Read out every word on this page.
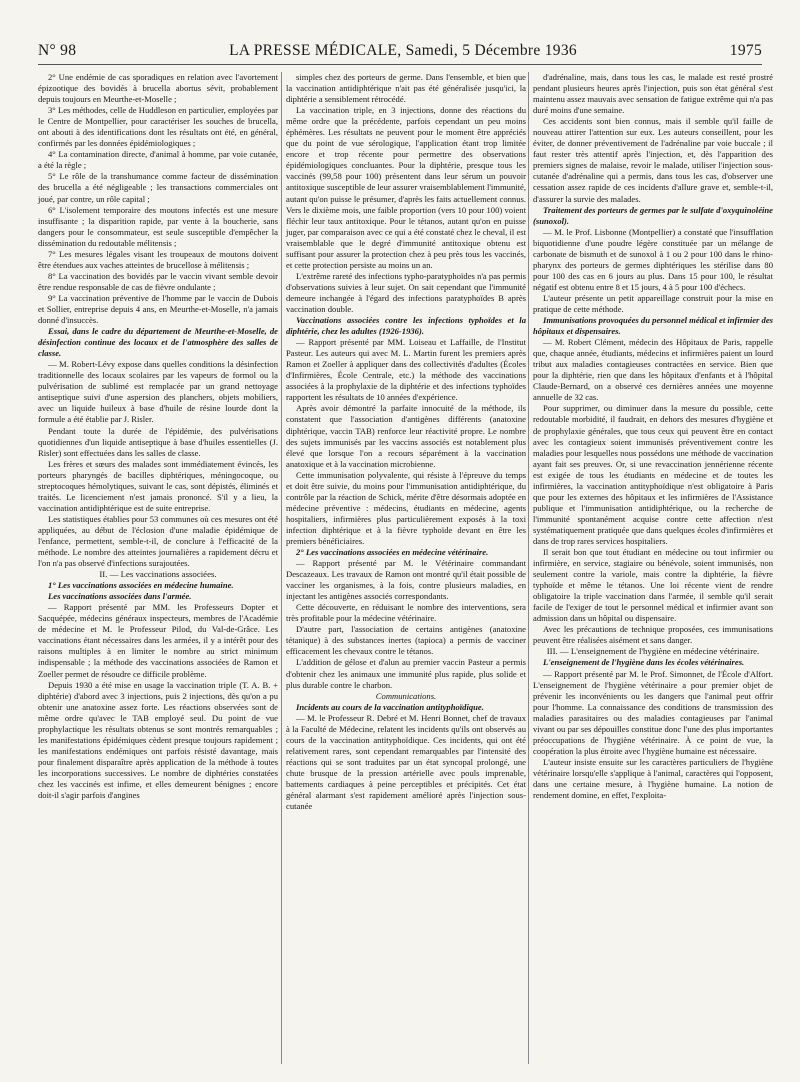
N° 98	LA PRESSE MÉDICALE, Samedi, 5 Décembre 1936	1975

2° Une endémie de cas sporadiques en relation avec l'avortement épizootique des bovidés à brucella abortus sévit, probablement depuis toujours en Meurthe-et-Moselle ;

3° Les méthodes, celle de Huddleson en particulier, employées par le Centre de Montpellier, pour caractériser les souches de brucella, ont abouti à des identifications dont les résultats ont été, en général, confirmés par les données épidémiologiques ;

4° La contamination directe, d'animal à homme, par voie cutanée, a été la règle ;

5° Le rôle de la transhumance comme facteur de dissémination des brucella a été négligeable ; les transactions commerciales ont joué, par contre, un rôle capital ;

6° L'isolement temporaire des moutons infectés est une mesure insuffisante ; la disparition rapide, par vente à la boucherie, sans dangers pour le consommateur, est seule susceptible d'empêcher la dissémination du redoutable mélitensis ;

7° Les mesures légales visant les troupeaux de moutons doivent être étendues aux vaches atteintes de brucellose à mélitensis ;

8° La vaccination des bovidés par le vaccin vivant semble devoir être rendue responsable de cas de fièvre ondulante ;

9° La vaccination préventive de l'homme par le vaccin de Dubois et Sollier, entreprise depuis 4 ans, en Meurthe-et-Moselle, n'a jamais donné d'insuccès.

Essai, dans le cadre du département de Meurthe-et-Moselle, de désinfection continue des locaux et de l'atmosphère des salles de classe.

— M. Robert-Lévy expose dans quelles conditions la désinfection traditionnelle des locaux scolaires par les vapeurs de formol ou la pulvérisation de sublimé est remplacée par un grand nettoyage antiseptique suivi d'une aspersion des planchers, objets mobiliers, avec un liquide huileux à base d'huile de résine lourde dont la formule a été établie par J. Risler.

Pendant toute la durée de l'épidémie, des pulvérisations quotidiennes d'un liquide antiseptique à base d'huiles essentielles (J. Risler) sont effectuées dans les salles de classe.

Les frères et sœurs des malades sont immédiatement évincés, les porteurs pharyngés de bacilles diphtériques, méningocoque, ou streptocoques hémolytiques, suivant le cas, sont dépistés, éliminés et traités. Le licenciement n'est jamais prononcé. S'il y a lieu, la vaccination antidiphtérique est de suite entreprise.

Les statistiques établies pour 53 communes où ces mesures ont été appliquées, au début de l'éclosion d'une maladie épidémique de l'enfance, permettent, semble-t-il, de conclure à l'efficacité de la méthode. Le nombre des atteintes journalières a rapidement décru et l'on n'a pas observé d'infections surajoutées.

II. — Les vaccinations associées.

1° Les vaccinations associées en médecine humaine.

Les vaccinations associées dans l'armée.

— Rapport présenté par MM. les Professeurs Dopter et Sacquépée, médecins généraux inspecteurs, membres de l'Académie de médecine et M. le Professeur Pilod, du Val-de-Grâce. Les vaccinations étant nécessaires dans les armées, il y a intérêt pour des raisons multiples à en limiter le nombre au strict minimum indispensable ; la méthode des vaccinations associées de Ramon et Zoeller permet de résoudre ce difficile problème.

Depuis 1930 a été mise en usage la vaccination triple (T. A. B. + diphtérie) d'abord avec 3 injections, puis 2 injections, dès qu'on a pu obtenir une anatoxine assez forte. Les réactions observées sont de même ordre qu'avec le TAB employé seul. Du point de vue prophylactique les résultats obtenus se sont montrés remarquables ; les manifestations épidémiques cèdent presque toujours rapidement ; les manifestations endémiques ont parfois résisté davantage, mais pour finalement disparaître après application de la méthode à toutes les incorporations successives. Le nombre de diphtéries constatées chez les vaccinés est infime, et elles demeurent bénignes ; encore doit-il s'agir parfois d'angines

simples chez des porteurs de germe. Dans l'ensemble, et bien que la vaccination antidiphtérique n'ait pas été généralisée jusqu'ici, la diphtérie a sensiblement rétrocédé.

La vaccination triple, en 3 injections, donne des réactions du même ordre que la précédente, parfois cependant un peu moins éphémères. Les résultats ne peuvent pour le moment être appréciés que du point de vue sérologique, l'application étant trop limitée encore et trop récente pour permettre des observations épidémiologiques concluantes. Pour la diphtérie, presque tous les vaccinés (99,58 pour 100) présentent dans leur sérum un pouvoir antitoxique susceptible de leur assurer vraisemblablement l'immunité, autant qu'on puisse le présumer, d'après les faits actuellement connus. Vers le dixième mois, une faible proportion (vers 10 pour 100) voient fléchir leur taux antitoxique. Pour le tétanos, autant qu'on en puisse juger, par comparaison avec ce qui a été constaté chez le cheval, il est vraisemblable que le degré d'immunité antitoxique obtenu est suffisant pour assurer la protection chez à peu près tous les vaccinés, et cette protection persiste au moins un an.

L'extrême rareté des infections typho-paratyphoïdes n'a pas permis d'observations suivies à leur sujet. On sait cependant que l'immunité demeure inchangée à l'égard des infections paratyphoïdes B après vaccination double.

Vaccinations associées contre les infections typhoïdes et la diphtérie, chez les adultes (1926-1936).

— Rapport présenté par MM. Loiseau et Laffaille, de l'Institut Pasteur. Les auteurs qui avec M. L. Martin furent les premiers après Ramon et Zoeller à appliquer dans des collectivités d'adultes (Écoles d'Infirmières, École Centrale, etc.) la méthode des vaccinations associées à la prophylaxie de la diphtérie et des infections typhoïdes rapportent les résultats de 10 années d'expérience.

Après avoir démontré la parfaite innocuité de la méthode, ils constatent que l'association d'antigènes différents (anatoxine diphtérique, vaccin TAB) renforce leur réactivité propre. Le nombre des sujets immunisés par les vaccins associés est notablement plus élevé que lorsque l'on a recours séparément à la vaccination anatoxique et à la vaccination microbienne.

Cette immunisation polyvalente, qui résiste à l'épreuve du temps et doit être suivie, du moins pour l'immunisation antidiphtérique, du contrôle par la réaction de Schick, mérite d'être désormais adoptée en médecine préventive : médecins, étudiants en médecine, agents hospitaliers, infirmières plus particulièrement exposés à la toxi infection diphtérique et à la fièvre typhoïde devant en être les premiers bénéficiaires.

2° Les vaccinations associées en médecine vétérinaire.

— Rapport présenté par M. le Vétérinaire commandant Descazeaux. Les travaux de Ramon ont montré qu'il était possible de vacciner les organismes, à la fois, contre plusieurs maladies, en injectant les antigènes associés correspondants.

Cette découverte, en réduisant le nombre des interventions, sera très profitable pour la médecine vétérinaire.

D'autre part, l'association de certains antigènes (anatoxine tétanique) à des substances inertes (tapioca) a permis de vacciner efficacement les chevaux contre le tétanos.

L'addition de gélose et d'alun au premier vaccin Pasteur a permis d'obtenir chez les animaux une immunité plus rapide, plus solide et plus durable contre le charbon.

Communications.

Incidents au cours de la vaccination antityphoïdique.

— M. le Professeur R. Debré et M. Henri Bonnet, chef de travaux à la Faculté de Médecine, relatent les incidents qu'ils ont observés au cours de la vaccination antityphoïdique. Ces incidents, qui ont été relativement rares, sont cependant remarquables par l'intensité des réactions qui se sont traduites par un état syncopal prolongé, une chute brusque de la pression artérielle avec pouls imprenable, battements cardiaques à peine perceptibles et précipités. Cet état général alarmant s'est rapidement amélioré après l'injection sous-cutanée

d'adrénaline, mais, dans tous les cas, le malade est resté prostré pendant plusieurs heures après l'injection, puis son état général s'est maintenu assez mauvais avec sensation de fatigue extrême qui n'a pas duré moins d'une semaine.

Ces accidents sont bien connus, mais il semble qu'il faille de nouveau attirer l'attention sur eux. Les auteurs conseillent, pour les éviter, de donner préventivement de l'adrénaline par voie buccale ; il faut rester très attentif après l'injection, et, dès l'apparition des premiers signes de malaise, revoir le malade, utiliser l'injection sous-cutanée d'adrénaline qui a permis, dans tous les cas, d'observer une cessation assez rapide de ces incidents d'allure grave et, semble-t-il, d'assurer la survie des malades.

Traitement des porteurs de germes par le sulfate d'oxyquinoléine (sunoxol).

— M. le Prof. Lisbonne (Montpellier) a constaté que l'insufflation biquotidienne d'une poudre légère constituée par un mélange de carbonate de bismuth et de sunoxol à 1 ou 2 pour 100 dans le rhino-pharynx des porteurs de germes diphtériques les stérilise dans 80 pour 100 des cas en 6 jours au plus. Dans 15 pour 100, le résultat négatif est obtenu entre 8 et 15 jours, 4 à 5 pour 100 d'échecs.

L'auteur présente un petit appareillage construit pour la mise en pratique de cette méthode.

Immunisations provoquées du personnel médical et infirmier des hôpitaux et dispensaires.

— M. Robert Clément, médecin des Hôpitaux de Paris, rappelle que, chaque année, étudiants, médecins et infirmières paient un lourd tribut aux maladies contagieuses contractées en service. Bien que pour la diphtérie, rien que dans les hôpitaux d'enfants et à l'hôpital Claude-Bernard, on a observé ces dernières années une moyenne annuelle de 32 cas.

Pour supprimer, ou diminuer dans la mesure du possible, cette redoutable morbidité, il faudrait, en dehors des mesures d'hygiène et de prophylaxie générales, que tous ceux qui peuvent être en contact avec les contagieux soient immunisés préventivement contre les maladies pour lesquelles nous possédons une méthode de vaccination ayant fait ses preuves. Or, si une revaccination jennérienne récente est exigée de tous les étudiants en médecine et de toutes les infirmières, la vaccination antityphoïdique n'est obligatoire à Paris que pour les externes des hôpitaux et les infirmières de l'Assistance publique et l'immunisation antidiphtérique, ou la recherche de l'immunité spontanément acquise contre cette affection n'est systématiquement pratiquée que dans quelques écoles d'infirmières et dans de trop rares services hospitaliers.

Il serait bon que tout étudiant en médecine ou tout infirmier ou infirmière, en service, stagiaire ou bénévole, soient immunisés, non seulement contre la variole, mais contre la diphtérie, la fièvre typhoïde et même le tétanos. Une loi récente vient de rendre obligatoire la triple vaccination dans l'armée, il semble qu'il serait facile de l'exiger de tout le personnel médical et infirmier avant son admission dans un hôpital ou dispensaire.

Avec les précautions de technique proposées, ces immunisations peuvent être réalisées aisément et sans danger.

III. — L'enseignement de l'hygiène en médecine vétérinaire.

L'enseignement de l'hygiène dans les écoles vétérinaires.

— Rapport présenté par M. le Prof. Simonnet, de l'École d'Alfort. L'enseignement de l'hygiène vétérinaire a pour premier objet de prévenir les inconvénients ou les dangers que l'animal peut offrir pour l'homme. La connaissance des conditions de transmission des maladies parasitaires ou des maladies contagieuses par l'animal vivant ou par ses dépouilles constitue donc l'une des plus importantes préoccupations de l'hygiène vétérinaire. À ce point de vue, la coopération la plus étroite avec l'hygiène humaine est nécessaire.

L'auteur insiste ensuite sur les caractères particuliers de l'hygiène vétérinaire lorsqu'elle s'applique à l'animal, caractères qui l'opposent, dans une certaine mesure, à l'hygiène humaine. La notion de rendement domine, en effet, l'exploita-
